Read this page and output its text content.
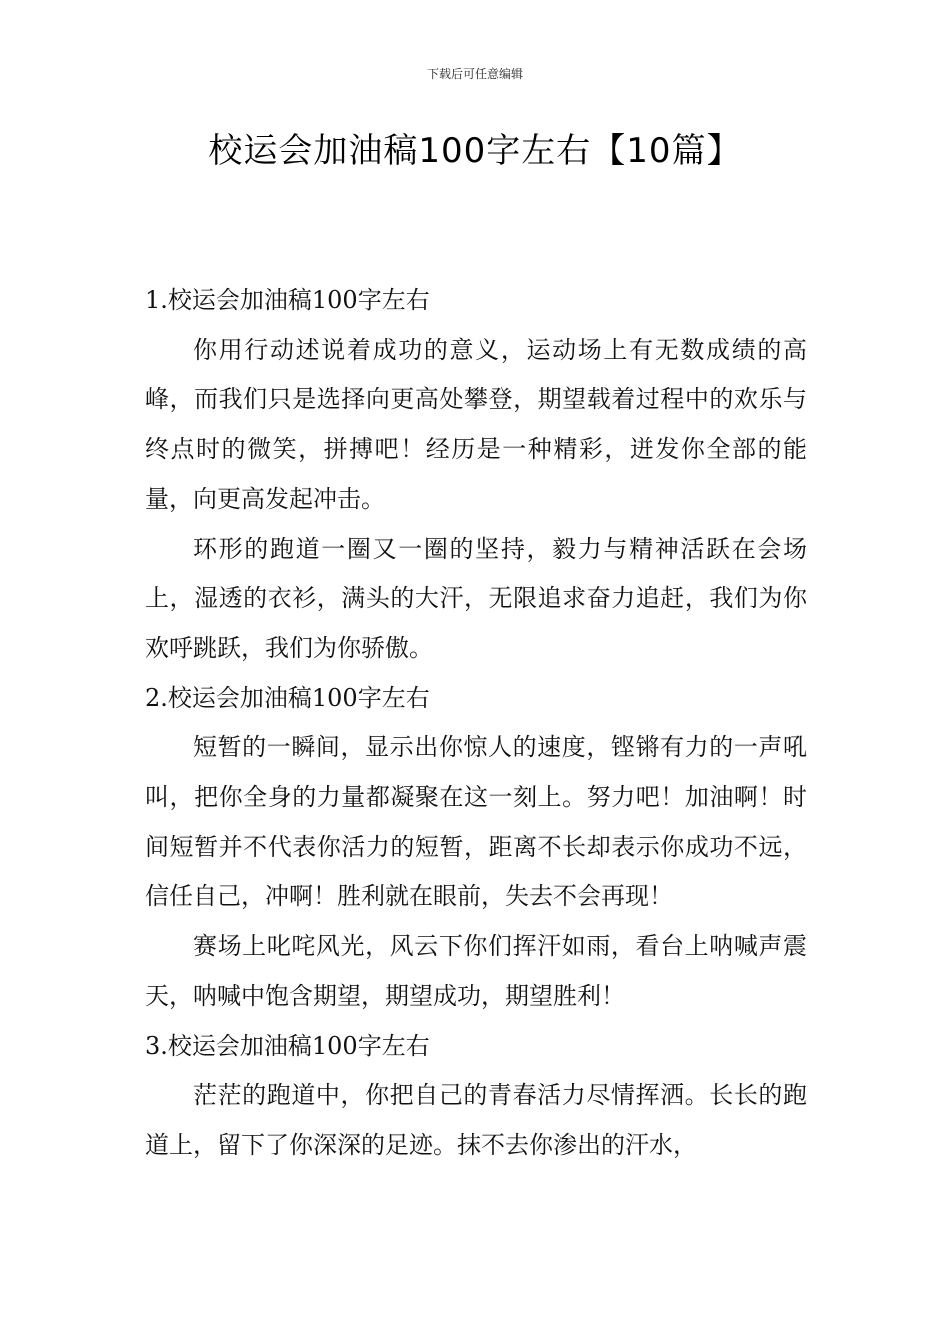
下载后可任意编辑
校运会加油稿100字左右【10篇】
1.校运会加油稿100字左右

你用行动述说着成功的意义，运动场上有无数成绩的高峰，而我们只是选择向更高处攀登，期望载着过程中的欢乐与终点时的微笑，拼搏吧！经历是一种精彩，迸发你全部的能量，向更高发起冲击。

环形的跑道一圈又一圈的坚持，毅力与精神活跃在会场上，湿透的衣衫，满头的大汗，无限追求奋力追赶，我们为你欢呼跳跃，我们为你骄傲。

2.校运会加油稿100字左右

短暂的一瞬间，显示出你惊人的速度，铿锵有力的一声吼叫，把你全身的力量都凝聚在这一刻上。努力吧！加油啊！时间短暂并不代表你活力的短暂，距离不长却表示你成功不远，信任自己，冲啊！胜利就在眼前，失去不会再现！

赛场上叱咤风光，风云下你们挥汗如雨，看台上呐喊声震天，呐喊中饱含期望，期望成功，期望胜利！

3.校运会加油稿100字左右

茫茫的跑道中，你把自己的青春活力尽情挥洒。长长的跑道上，留下了你深深的足迹。抹不去你渗出的汗水，
